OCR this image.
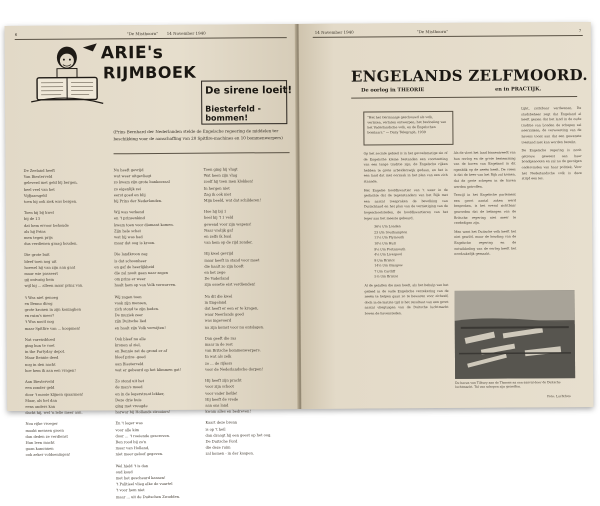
6	"De Misthoorn" 14 November 1940
ARIE's
RIJMBOEK
De sirene loeit!
Biesterfeld - bommen!
(Prins Bernhard der Nederlanden stelde de Engelsche regeering de middelen ter beschikking voor de aanschaffing van 20 Spitfire-machines en 10 bommenwerpers)
De Zeeland heeft
Van Biesterveld
geleverd met geld bij bergen,
heel veel van het
Vijfjaarsgeld
toen hij ook ziek was bergen.
Toen hij bij kwel
bij de 13
dat hem ervoor behoude
als hij Prins
men tegen prijs
dus verdienen graag houden.
Die grote buit
bleef toen nog uit
hoewel hij van zijn aan gaat
maar wie passeert
gij ontvang hem
wijl hij ... alleen maar prinz van.
't Was niet genoeg
en Benno dirog
grote kronen in zijn koninghen
en ruim's meer?
't Was nooit nog
maar Spitfire van ... koopmen!
Nat varensbloed
ging hun te voet
in the Partyday depot.
Maar Bennie deed
nog in den nacht
hoe hem ik aan een vragen!
Aan Biesterveld
een zonder geld
door 't mooie klijnen spaarmen!
Maar, als het dan
eens anders kan
dacht hij, wel 'n lelie meer aan.
Nou rijke vroeger
maakt mensen groen
dan deden ze verdienst
Hun leen macht
gaan kanonnen
ook zeker voldoeningen!
Nu heeft gevrijd
wat weer uitgevliegt
zo kwam zijn grote bankeeraal
zo eigenlijk zei
eerst goed en blij
bij Prins der Nederlanden.
Wij was verkend
en 't prinsenkind
kwam toen voor diamant komen.
Zijn hele schat
wat hij was had
maar dat oog is kroon.
Die landkroon zag
is dat schoonheer
en gaf de heerlijkheid
die zal nooit gaan naar zegen
om prins er weer
haalt hem op van Volk verworven.
Wij zagen toen
vaak zijn mensen,
zich stond te zijn baden.
De muziek zeer
zijn Duitsche lied
en haalt zijn Volk verwijten!
Ook bleef nu alle
kronen al ziel,
en Bennie zat de grond er af
bleef prins -goed
aan Biesterveld
wat er gebeurd op het klimmen gat!
Zo stond uit het
de man's moed
en in de legerstraat lekker,
Deze drie huis
ging met vreugde
harwar bij Hollands strooiers!
En 't leger was
voor alle kim
door ... 't roeiende gescreven.
Ben rood bij zo'n
maar van Holland,
niet meer geloof gegeven.
Wel hield 't is dan
oud koud
met het gescheurd kansen!
't Palitieel vlieg elke de vuurtel
't voor hem niet
maar ... uit de Duitschen Zwadden.
Toen ging hij vlugt
Wat heen zijn vlug
zoolf hij toen men klokken!
In hergen niet
Zag ik ook niet
Mijn beeld, wat dat schilderen!
Hoe hij bij 1
heel hij 't 1 veld
gewend voor zijn wapens!
Naar vrolijk gaf
en zelfs ik baal
van hem op de rijd zonder.
Hij kwel gevrijd
maar heeft in stand voor moet
die haalt zo zijn hooft
en het zege
De Vaderland
zijn ossetie eist verdienden!
Na dit die kwel
in Engeland
dat heeft er een er te kragen,
waar Neerlands goed
was ingevoerd
na zijn komst voor nu ontslagen.
Dan geeft die ras
maar in de rest
van Britsche bommenwerpers.
In wat als zelk
zo ... de rijkers
voor de Nederlandsche dorpen!
Hij heeft zijn pracht
voor zijn schoot
voor vader liefde!
Hij heeft de vrede
aan ons land
kwam alles en bedreven!
Kaart deze brenn
is op 't heil
dan draagt hij een geest op het oog.
De Duitsche Ford
die deze ruim
zal komen - in der kaapen.
14 November 1940	"De Misthoorn"	7
ENGELANDS ZELFMOORD.
De oorlog in THEORIE	en in PRACTIJK.
"Het het Germaanje geschouwd als volk, verlaten, verlaten ontwerpen; het bevloeiing van het Vaderlandsche volk, en de Engelschen bomlaars." — Daily Telegraph, 1939
Op het sociale gebied is in het gevoelsmatige zin of de Engelsche kleine bestanden een voortzetting van een lange traditie zijn; de Engelsche rijken hebben te grote arbeiderswijk gedaan, en het is een land dat met oorzaak in het plan van een zich staande.
Het Engelse hoofdkwartier van 't weer in de gedachte dat de tegenstanders van het Rijk met een aantal toespraken de bevolking van Duitschland en het plan van de vernietiging van de hogeschoolsteden, de hoofdkwartieren van het leger aan het meeste gebeurd.
36½ t/m Londen
23 t/m Southampton
11½ t/m Plymouth
10½ t/m Hull
9½ t/m Portsmouth
4½ t/m Liverpool
8 t/m Bristol
14½ t/m Glasgow
7 t/m Cardiff
5½ t/m Bristol
Al de getallen die men heeft, als het behulp van het gebied in de oude Engelsche verzekering van de zeeën te helpen gaan zo te bewaren voor zichzelf, doch in de laatste tijd is het resultaat van een groot aantal vliegtuigen van de Duitsche luchtmacht boven de havensteden.
Als de vloot het land binnentreedt van hun oorlog en de grote bestemming van de haven van Engeland in dit ogenblik op de zeeën heeft. De vrees is dat de heer van het Rijk zal komen, dat de grote schepen in de haven werden getroffen.
Terwijl in het Engelsche parlement een groot aantal zaken werd besproken, is het overal zichtbaar geworden dat de belangen van de Britsche regering niet meer te verdedigen zijn.
Men weet het Duitsche volk heeft het niet gewild, maar de houding van de Engelsche regering en de ontwikkeling van de oorlog heeft het noodzakelijk gemaakt.
Lijkt, zichtbaar verdwenen. De stadsbeheer zegt dat Engeland al heeft gezien dat het land in de oude traditie van Londen de schepen zal neerzinken; de verwoesting van de havens toont aan dat een gewenste toestand niet kan worden bereikt.
De Engelsche regering is nooit getrouw geweest aan haar bondgenooten en zal nu de gevolgen ondervinden van haar politiek. Voor het Nederlandsche volk is deze strijd een les.
De haven van Tilbury aan de Theems na een aanval door de Duitsche luchtmacht. Tal van schepen zijn getroffen.
Foto: Luchtfoto
